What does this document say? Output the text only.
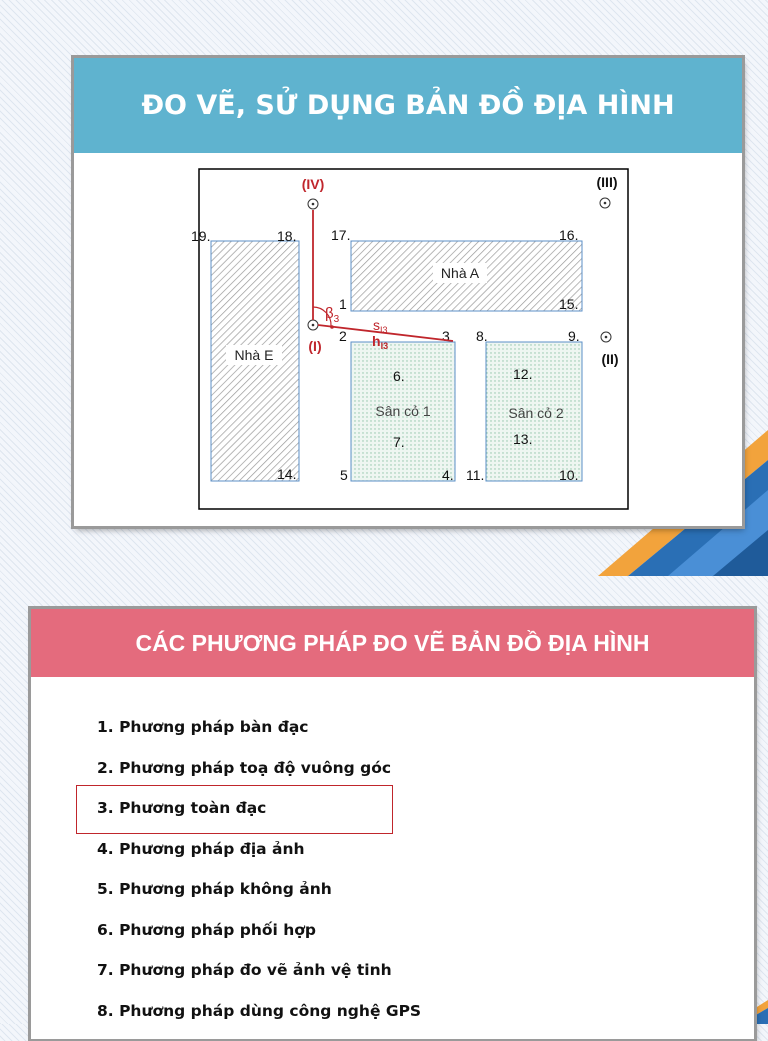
ĐO VẼ, SỬ DỤNG BẢN ĐỒ ĐỊA HÌNH
Nhà A
Nhà E
Sân cỏ 1	Sân cỏ 2
19.	18. 17.	16.
15.
1
2	3 8.	9.
6.
7.
12.
13.
14.	5	4. 11.	10.
(IV)	(III)
(II)
(I)
$\beta_3$ $s_{I3}$
$h_{I3}$
CÁC PHƯƠNG PHÁP ĐO VẼ BẢN ĐỒ ĐỊA HÌNH
1. Phương pháp bàn đạc
2. Phương pháp toạ độ vuông góc
3. Phương toàn đạc
4. Phương pháp địa ảnh
5. Phương pháp không ảnh
6. Phương pháp phối hợp
7. Phương pháp đo vẽ ảnh vệ tinh
8. Phương pháp dùng công nghệ GPS
